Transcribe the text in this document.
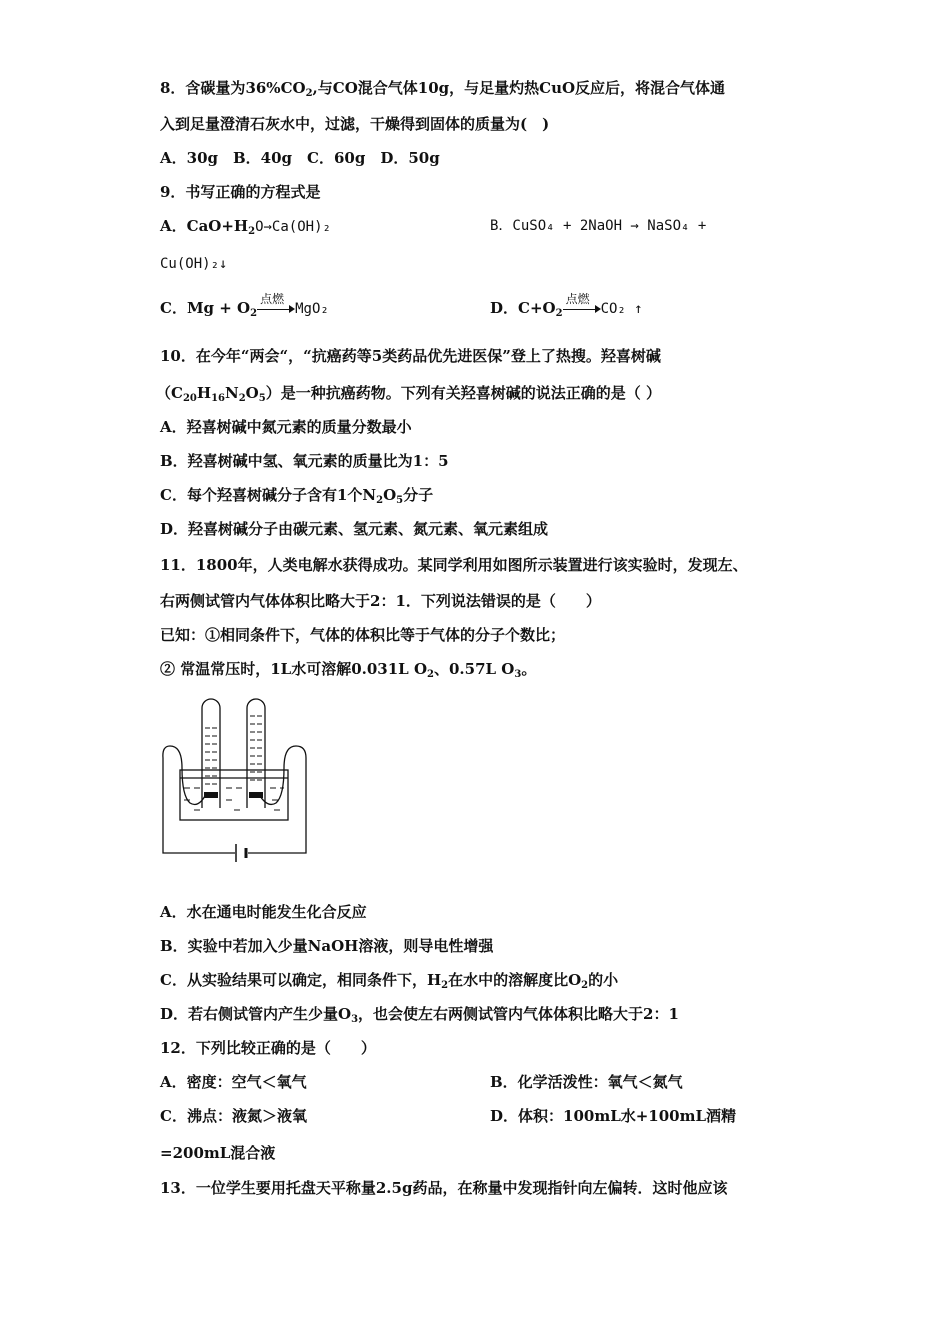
8．含碳量为$36\%CO_2$,与CO混合气体10g，与足量灼热CuO反应后，将混合气体通
入到足量澄清石灰水中，过滤，干燥得到固体的质量为(　)
A．30g　B．40g　C．60g　D．50g
9．书写正确的方程式是
A．$CaO+H_2O\to Ca(OH)_2$	B．CuSO₄ + 2NaOH → NaSO₄ +
Cu(OH)₂↓
C．$Mg + O_2$
点燃
MgO₂	D．$C+O_2$
点燃
CO₂ ↑
10．在今年“两会“，“抗癌药等5类药品优先进医保”登上了热搜。羟喜树碱
$(C_{20}H_{16}N_2O_5)$是一种抗癌药物。下列有关羟喜树碱的说法正确的是（ ）
A．羟喜树碱中氮元素的质量分数最小
B．羟喜树碱中氢、氧元素的质量比为1：5
C．每个羟喜树碱分子含有1个$N_2O_5$分子
D．羟喜树碱分子由碳元素、氢元素、氮元素、氧元素组成
11．1800年，人类电解水获得成功。某同学利用如图所示装置进行该实验时，发现左、
右两侧试管内气体体积比略大于2：1．下列说法错误的是（　　）
已知：①相同条件下，气体的体积比等于气体的分子个数比；
② 常温常压时，1L水可溶解0.031L $O_2$、0.57L $O_3$。
A．水在通电时能发生化合反应
B．实验中若加入少量NaOH溶液，则导电性增强
C．从实验结果可以确定，相同条件下，$H_2$在水中的溶解度比$O_2$的小
D．若右侧试管内产生少量$O_3$，也会使左右两侧试管内气体体积比略大于2：1
12．下列比较正确的是（　　）
A．密度：空气＜氧气	B．化学活泼性：氧气＜氮气
C．沸点：液氮＞液氧	D．体积：100mL水+100mL酒精
=200mL混合液
13．一位学生要用托盘天平称量2.5g药品，在称量中发现指针向左偏转．这时他应该
